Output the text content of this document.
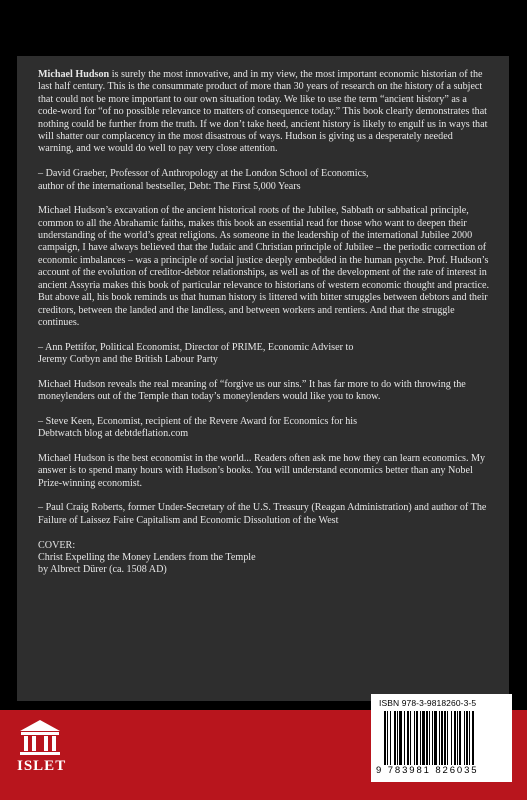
Michael Hudson is surely the most innovative, and in my view, the most important economic historian of the last half century. This is the consummate product of more than 30 years of research on the history of a subject that could not be more important to our own situation today. We like to use the term “ancient history” as a code-word for “of no possible relevance to matters of consequence today.” This book clearly demonstrates that nothing could be further from the truth. If we don’t take heed, ancient history is likely to engulf us in ways that will shatter our complacency in the most disastrous of ways. Hudson is giving us a desperately needed warning, and we would do well to pay very close attention.

– David Graeber, Professor of Anthropology at the London School of Economics,
author of the international bestseller, Debt: The First 5,000 Years

Michael Hudson’s excavation of the ancient historical roots of the Jubilee, Sabbath or sabbatical principle, common to all the Abrahamic faiths, makes this book an essential read for those who want to deepen their understanding of the world’s great religions. As someone in the leadership of the international Jubilee 2000 campaign, I have always believed that the Judaic and Christian principle of Jubilee – the periodic correction of economic imbalances – was a principle of social justice deeply embedded in the human psyche. Prof. Hudson’s account of the evolution of creditor-debtor relationships, as well as of the development of the rate of interest in ancient Assyria makes this book of particular relevance to historians of western economic thought and practice. But above all, his book reminds us that human history is littered with bitter struggles between debtors and their creditors, between the landed and the landless, and between workers and rentiers. And that the struggle continues.

– Ann Pettifor, Political Economist, Director of PRIME, Economic Adviser to
Jeremy Corbyn and the British Labour Party

Michael Hudson reveals the real meaning of “forgive us our sins.” It has far more to do with throwing the moneylenders out of the Temple than today’s moneylenders would like you to know.

– Steve Keen, Economist, recipient of the Revere Award for Economics for his
Debtwatch blog at debtdeflation.com

Michael Hudson is the best economist in the world... Readers often ask me how they can learn economics. My answer is to spend many hours with Hudson’s books. You will understand economics better than any Nobel Prize-winning economist.

– Paul Craig Roberts, former Under-Secretary of the U.S. Treasury (Reagan Administration) and author of The Failure of Laissez Faire Capitalism and Economic Dissolution of the West

COVER:

Christ Expelling the Money Lenders from the Temple

by Albrect Dürer (ca. 1508 AD)

ISLET
ISBN 978-3-9818260-3-5
9 783981 826035
